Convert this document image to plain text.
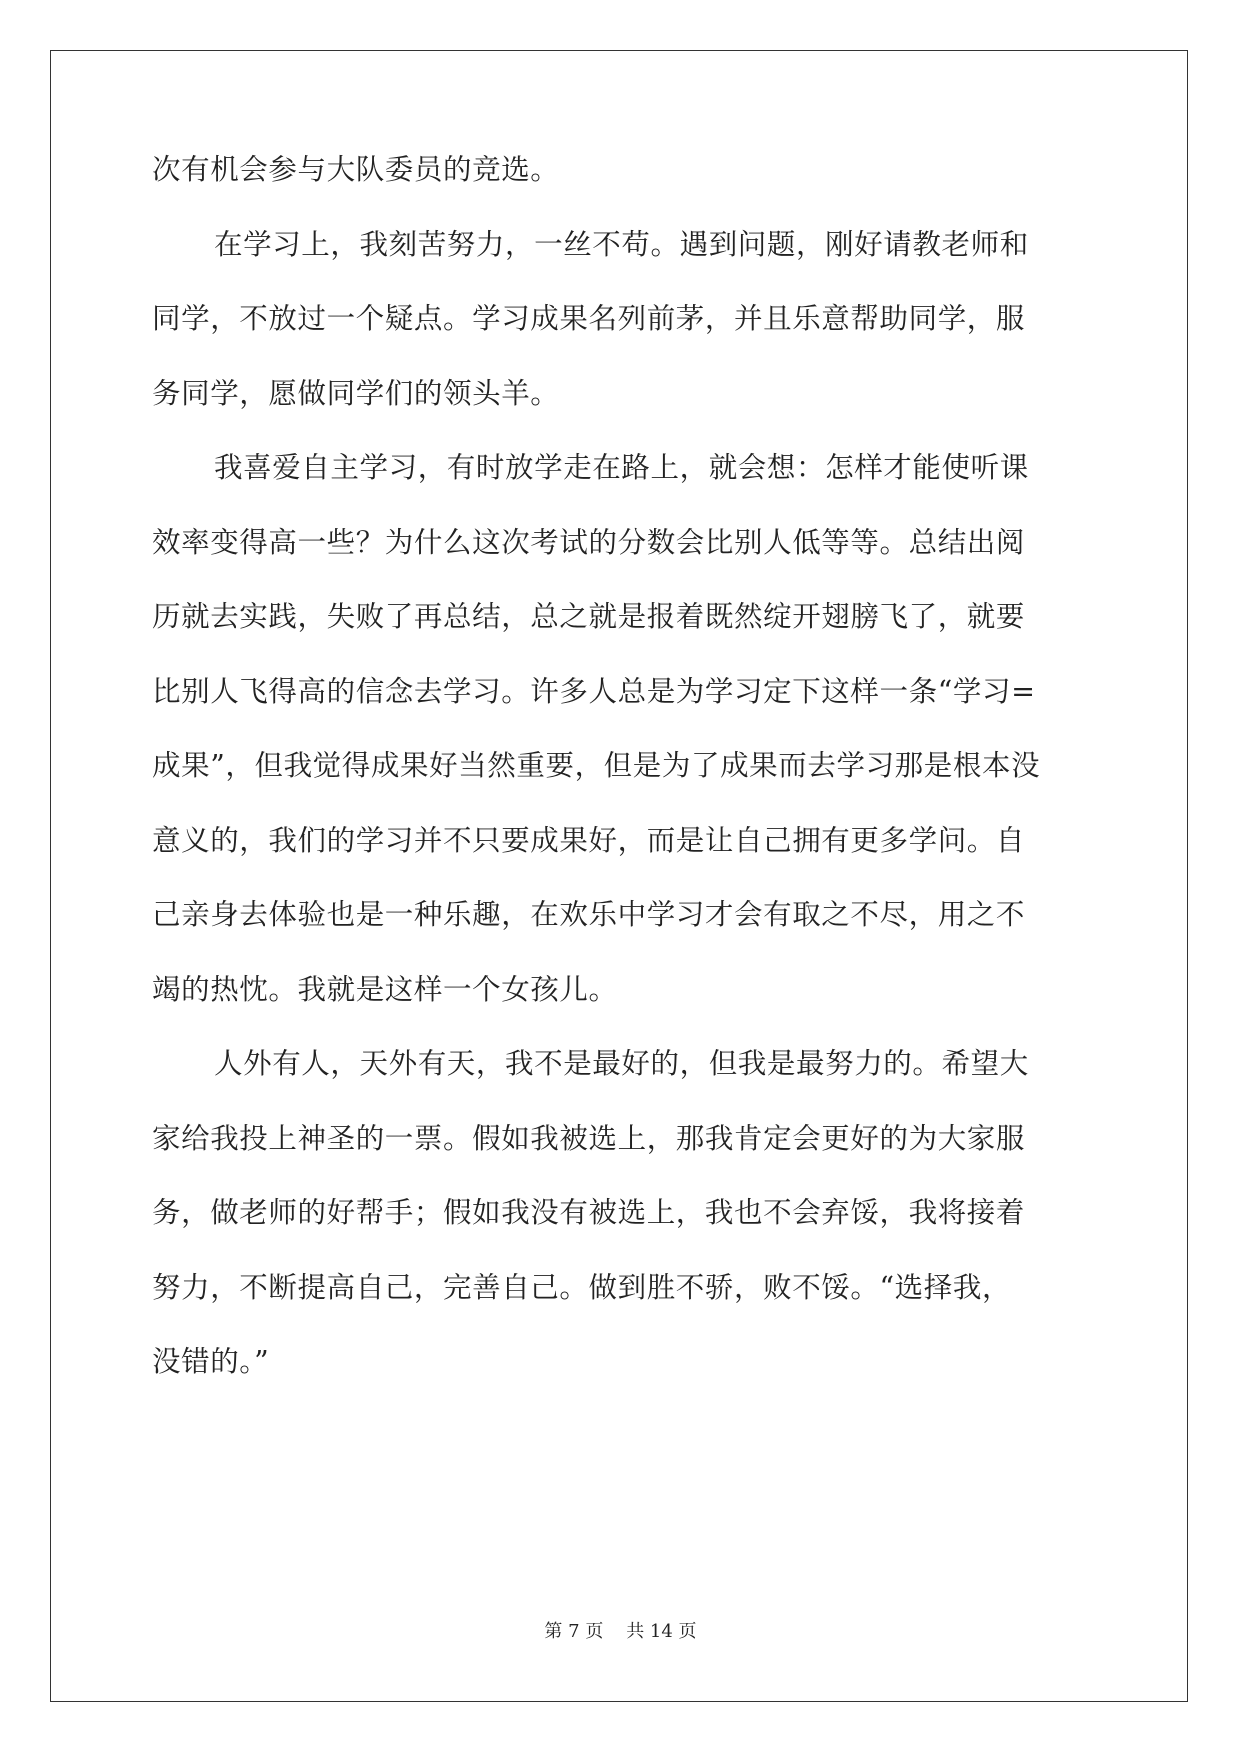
次有机会参与大队委员的竞选。
在学习上，我刻苦努力，一丝不苟。遇到问题，刚好请教老师和
同学，不放过一个疑点。学习成果名列前茅，并且乐意帮助同学，服
务同学，愿做同学们的领头羊。
我喜爱自主学习，有时放学走在路上，就会想：怎样才能使听课
效率变得高一些？为什么这次考试的分数会比别人低等等。总结出阅
历就去实践，失败了再总结，总之就是报着既然绽开翅膀飞了，就要
比别人飞得高的信念去学习。许多人总是为学习定下这样一条“学习=
成果”，但我觉得成果好当然重要，但是为了成果而去学习那是根本没
意义的，我们的学习并不只要成果好，而是让自己拥有更多学问。自
己亲身去体验也是一种乐趣，在欢乐中学习才会有取之不尽，用之不
竭的热忱。我就是这样一个女孩儿。
人外有人，天外有天，我不是最好的，但我是最努力的。希望大
家给我投上神圣的一票。假如我被选上，那我肯定会更好的为大家服
务，做老师的好帮手；假如我没有被选上，我也不会弃馁，我将接着
努力，不断提高自己，完善自己。做到胜不骄，败不馁。“选择我，
没错的。”
第 7 页    共 14 页
